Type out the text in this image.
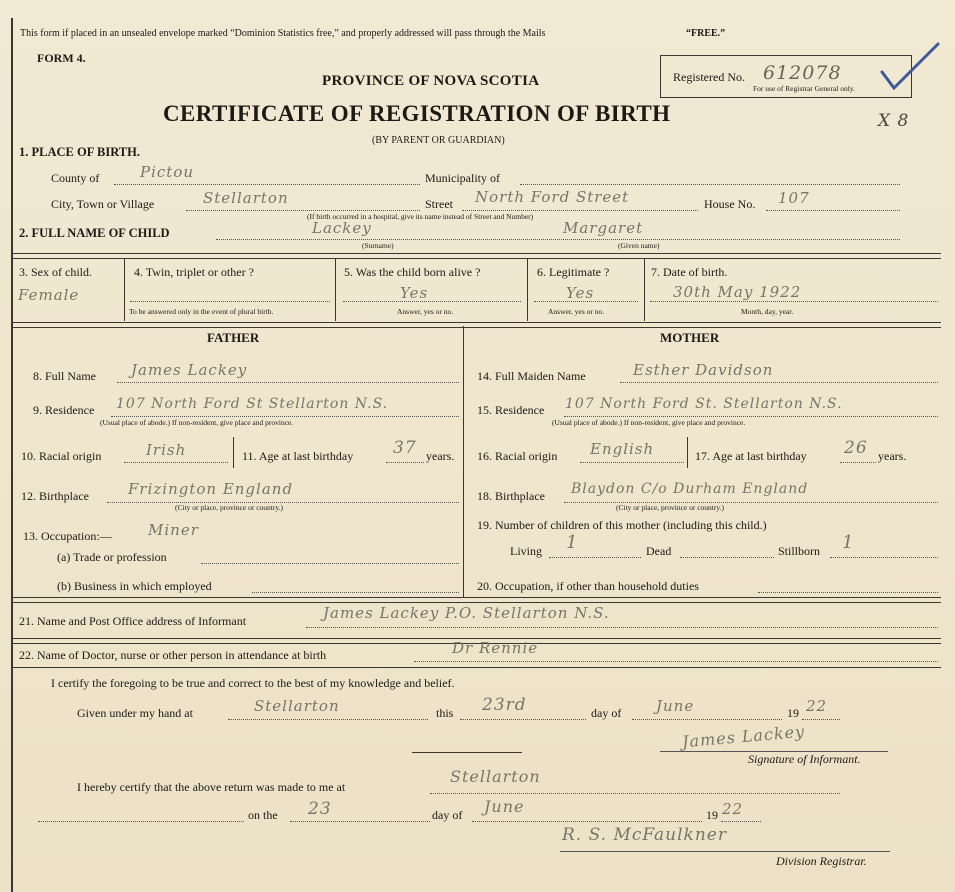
This form if placed in an unsealed envelope marked “Dominion Statistics free,” and properly addressed will pass through the Mails	“FREE.”
FORM 4.
PROVINCE OF NOVA SCOTIA
CERTIFICATE OF REGISTRATION OF BIRTH
(BY PARENT OR GUARDIAN)
Registered No. 612078
For use of Registrar General only.
X 8
1. PLACE OF BIRTH.
County of	Pictou	Municipality of
City, Town or Village	Stellarton	Street North Ford Street	House No. 107
(If birth occurred in a hospital, give its name instead of Street and Number)
2. FULL NAME OF CHILD	Lackey	Margaret
(Surname)	(Given name)
3. Sex of child.
Female
4. Twin, triplet or other ?
To be answered only in the event of plural birth.
5. Was the child born alive ?
Yes
Answer, yes or no.
6. Legitimate ?
Yes
Answer, yes or no.
7. Date of birth.
30th May 1922
Month, day, year.
FATHER
8. Full Name James Lackey
9. Residence 107 North Ford St Stellarton N.S.
(Usual place of abode.) If non-resident, give place and province.
10. Racial origin	Irish	11. Age at last birthday 37 years.
12. Birthplace	Frizington England
(City or place, province or country.)
13. Occupation:— Miner
(a) Trade or profession
(b) Business in which employed
MOTHER
14. Full Maiden Name	Esther Davidson
15. Residence 107 North Ford St. Stellarton N.S.
(Usual place of abode.) If non-resident, give place and province.
16. Racial origin English	17. Age at last birthday 26 years.
18. Birthplace Blaydon C/o Durham England
(City or place, province or country.)
19. Number of children of this mother (including this child.)
Living 1	Dead	Stillborn 1
20. Occupation, if other than household duties
21. Name and Post Office address of Informant	James Lackey P.O. Stellarton N.S.
22. Name of Doctor, nurse or other person in attendance at birth	Dr Rennie
I certify the foregoing to be true and correct to the best of my knowledge and belief.
Given under my hand at	Stellarton	this 23rd	day of June	19 22
James Lackey
Signature of Informant.
I hereby certify that the above return was made to me at
Stellarton
on the 23	day of June	19 22
R. S. McFaulkner
Division Registrar.
